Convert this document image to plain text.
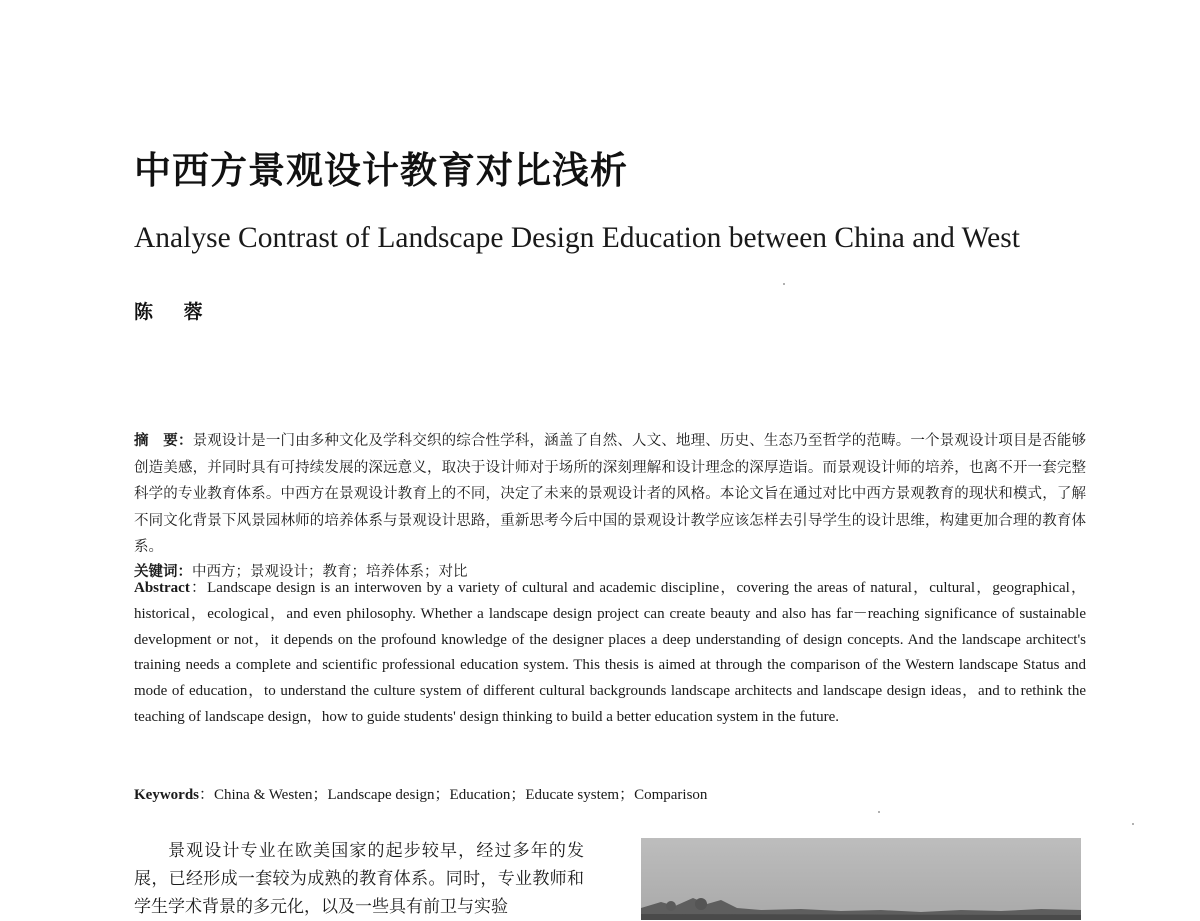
中西方景观设计教育对比浅析
Analyse Contrast of Landscape Design Education between China and West
陈 蓉

摘　要：景观设计是一门由多种文化及学科交织的综合性学科，涵盖了自然、人文、地理、历史、生态乃至哲学的范畴。一个景观设计项目是否能够创造美感，并同时具有可持续发展的深远意义，取决于设计师对于场所的深刻理解和设计理念的深厚造诣。而景观设计师的培养，也离不开一套完整科学的专业教育体系。中西方在景观设计教育上的不同，决定了未来的景观设计者的风格。本论文旨在通过对比中西方景观教育的现状和模式，了解不同文化背景下风景园林师的培养体系与景观设计思路，重新思考今后中国的景观设计教学应该怎样去引导学生的设计思维，构建更加合理的教育体系。

关键词：中西方；景观设计；教育；培养体系；对比

Abstract：Landscape design is an interwoven by a variety of cultural and academic discipline，covering the areas of natural，cultural，geographical，historical，ecological，and even philosophy. Whether a landscape design project can create beauty and also has far－reaching significance of sustainable development or not，it depends on the profound knowledge of the designer places a deep understanding of design concepts. And the landscape architect's training needs a complete and scientific professional education system. This thesis is aimed at through the comparison of the Western landscape Status and mode of education，to understand the culture system of different cultural backgrounds landscape architects and landscape design ideas，and to rethink the teaching of landscape design，how to guide students' design thinking to build a better education system in the future.

Keywords：China & Westen；Landscape design；Education；Educate system；Comparison

景观设计专业在欧美国家的起步较早，经过多年的发展，已经形成一套较为成熟的教育体系。同时，专业教师和学生学术背景的多元化，以及一些具有前卫与实验
